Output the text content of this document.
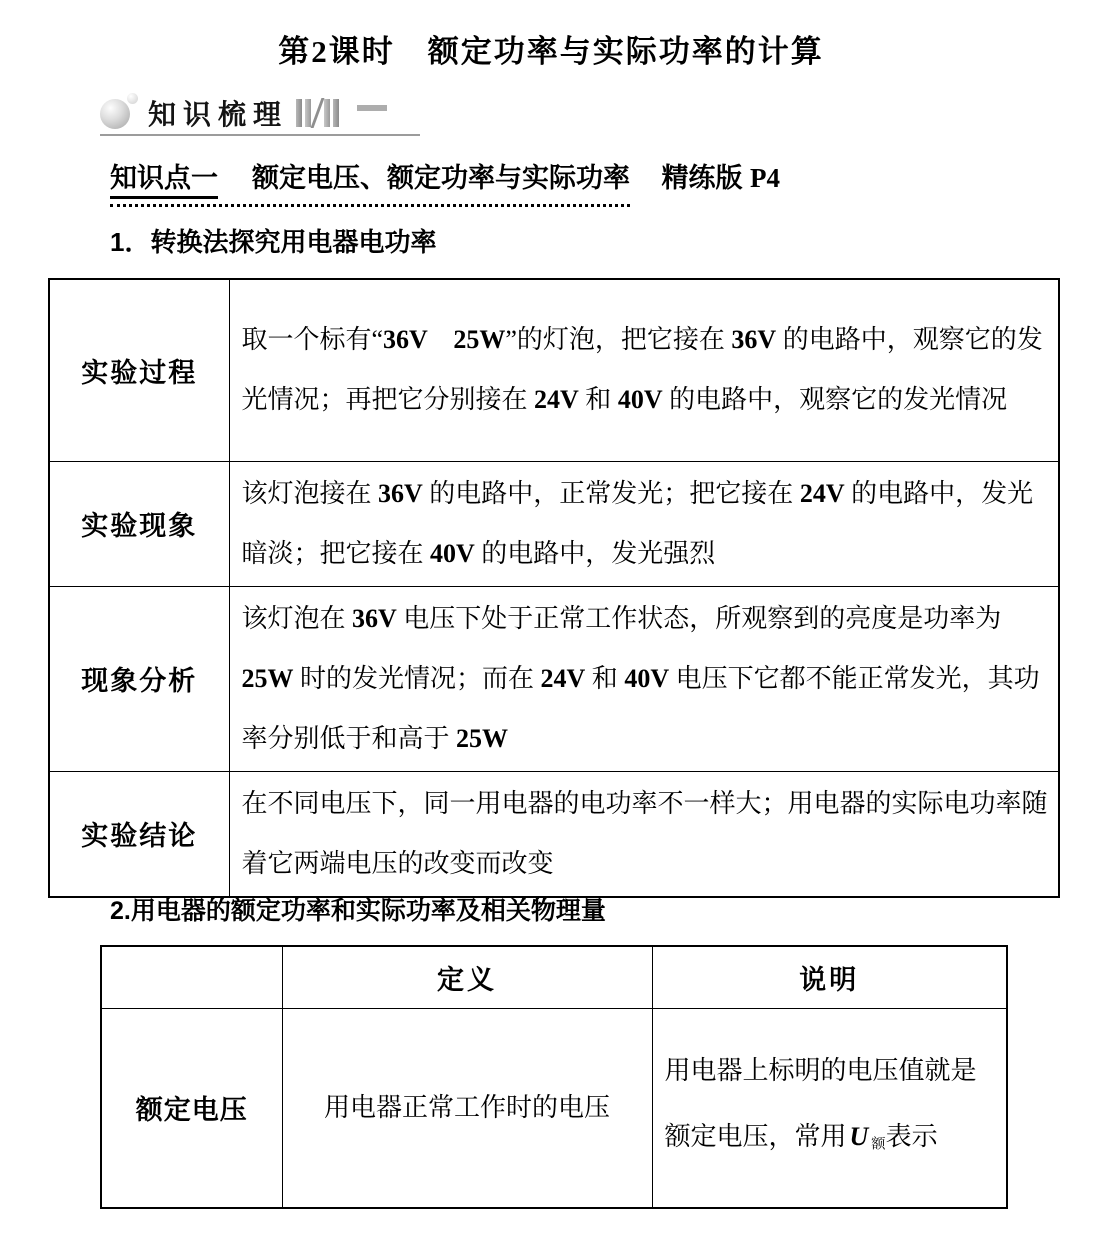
第2课时　额定功率与实际功率的计算
知识梳理
知识点一 额定电压、额定功率与实际功率 精练版 P4
1．转换法探究用电器电功率
实验过程	取一个标有“36V　25W”的灯泡，把它接在 36V 的电路中，观察它的发光情况；再把它分别接在 24V 和 40V 的电路中，观察它的发光情况
实验现象	该灯泡接在 36V 的电路中，正常发光；把它接在 24V 的电路中，发光暗淡；把它接在 40V 的电路中，发光强烈
现象分析	该灯泡在 36V 电压下处于正常工作状态，所观察到的亮度是功率为 25W 时的发光情况；而在 24V 和 40V 电压下它都不能正常发光，其功率分别低于和高于 25W
实验结论	在不同电压下，同一用电器的电功率不一样大；用电器的实际电功率随着它两端电压的改变而改变
2.用电器的额定功率和实际功率及相关物理量
	定义	说明
额定电压	用电器正常工作时的电压	用电器上标明的电压值就是额定电压，常用 U 额表示
